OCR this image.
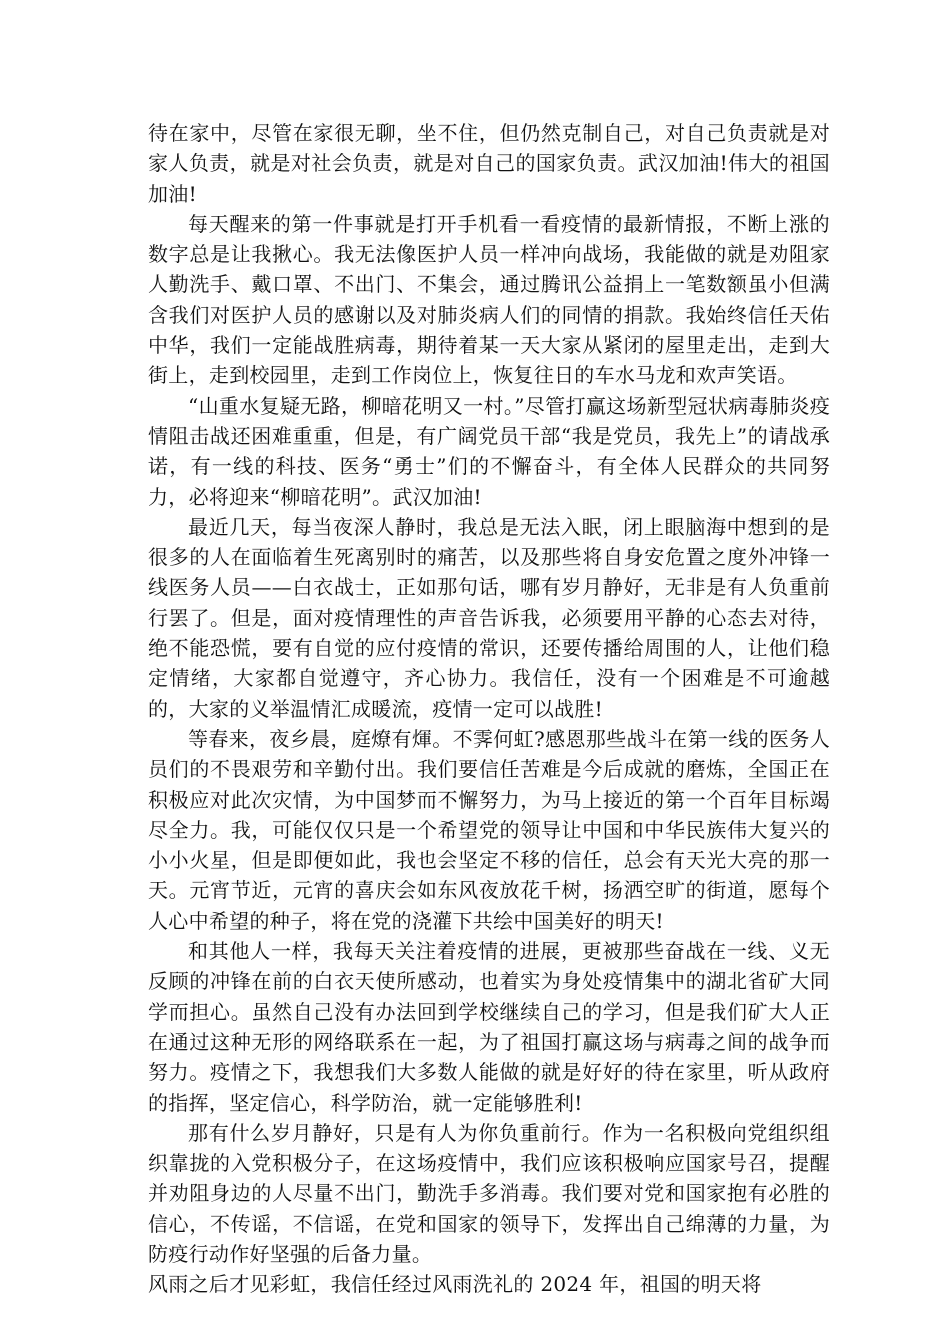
待在家中，尽管在家很无聊，坐不住，但仍然克制自己，对自己负责就是对家人负责，就是对社会负责，就是对自己的国家负责。武汉加油!伟大的祖国加油!

每天醒来的第一件事就是打开手机看一看疫情的最新情报，不断上涨的数字总是让我揪心。我无法像医护人员一样冲向战场，我能做的就是劝阻家人勤洗手、戴口罩、不出门、不集会，通过腾讯公益捐上一笔数额虽小但满含我们对医护人员的感谢以及对肺炎病人们的同情的捐款。我始终信任天佑中华，我们一定能战胜病毒，期待着某一天大家从紧闭的屋里走出，走到大街上，走到校园里，走到工作岗位上，恢复往日的车水马龙和欢声笑语。

“山重水复疑无路，柳暗花明又一村。”尽管打赢这场新型冠状病毒肺炎疫情阻击战还困难重重，但是，有广阔党员干部“我是党员，我先上”的请战承诺，有一线的科技、医务“勇士”们的不懈奋斗，有全体人民群众的共同努力，必将迎来“柳暗花明”。武汉加油!

最近几天，每当夜深人静时，我总是无法入眠，闭上眼脑海中想到的是很多的人在面临着生死离别时的痛苦，以及那些将自身安危置之度外冲锋一线医务人员——白衣战士，正如那句话，哪有岁月静好，无非是有人负重前行罢了。但是，面对疫情理性的声音告诉我，必须要用平静的心态去对待，绝不能恐慌，要有自觉的应付疫情的常识，还要传播给周围的人，让他们稳定情绪，大家都自觉遵守，齐心协力。我信任，没有一个困难是不可逾越的，大家的义举温情汇成暖流，疫情一定可以战胜!

等春来，夜乡晨，庭燎有煇。不霁何虹?感恩那些战斗在第一线的医务人员们的不畏艰劳和辛勤付出。我们要信任苦难是今后成就的磨炼，全国正在积极应对此次灾情，为中国梦而不懈努力，为马上接近的第一个百年目标竭尽全力。我，可能仅仅只是一个希望党的领导让中国和中华民族伟大复兴的小小火星，但是即便如此，我也会坚定不移的信任，总会有天光大亮的那一天。元宵节近，元宵的喜庆会如东风夜放花千树，扬洒空旷的街道，愿每个人心中希望的种子，将在党的浇灌下共绘中国美好的明天!

和其他人一样，我每天关注着疫情的进展，更被那些奋战在一线、义无反顾的冲锋在前的白衣天使所感动，也着实为身处疫情集中的湖北省矿大同学而担心。虽然自己没有办法回到学校继续自己的学习，但是我们矿大人正在通过这种无形的网络联系在一起，为了祖国打赢这场与病毒之间的战争而努力。疫情之下，我想我们大多数人能做的就是好好的待在家里，听从政府的指挥，坚定信心，科学防治，就一定能够胜利!

那有什么岁月静好，只是有人为你负重前行。作为一名积极向党组织组织靠拢的入党积极分子，在这场疫情中，我们应该积极响应国家号召，提醒并劝阻身边的人尽量不出门，勤洗手多消毒。我们要对党和国家抱有必胜的信心，不传谣，不信谣，在党和国家的领导下，发挥出自己绵薄的力量，为防疫行动作好坚强的后备力量。

风雨之后才见彩虹，我信任经过风雨洗礼的 2024 年，祖国的明天将
